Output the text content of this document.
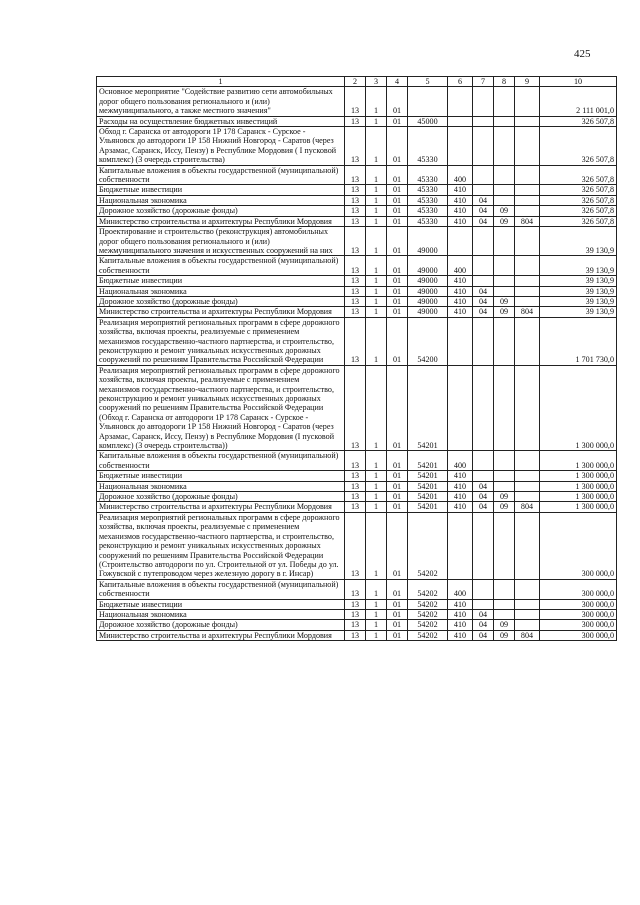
425
1	2	3	4	5	6	7	8	9	10
Основное мероприятие "Содействие развитию сети автомобильных дорог общего пользования регионального и (или) межмуниципального, а также местного значения"	13	1	01						2 111 001,0
Расходы на осуществление бюджетных инвестиций	13	1	01	45000					326 507,8
Обход г. Саранска от автодороги 1Р 178 Саранск - Сурское - Ульяновск до автодороги 1Р 158 Нижний Новгород - Саратов (через Арзамас, Саранск, Иссу, Пензу) в Республике Мордовия ( I пусковой комплекс) (3 очередь строительства)	13	1	01	45330					326 507,8
Капитальные вложения в объекты государственной (муниципальной) собственности	13	1	01	45330	400				326 507,8
Бюджетные инвестиции	13	1	01	45330	410				326 507,8
Национальная экономика	13	1	01	45330	410	04			326 507,8
Дорожное хозяйство (дорожные фонды)	13	1	01	45330	410	04	09		326 507,8
Министерство строительства и архитектуры Республики Мордовия	13	1	01	45330	410	04	09	804	326 507,8
Проектирование и строительство (реконструкция) автомобильных дорог общего пользования регионального и (или) межмуниципального значения и искусственных сооружений на них	13	1	01	49000					39 130,9
Капитальные вложения в объекты государственной (муниципальной) собственности	13	1	01	49000	400				39 130,9
Бюджетные инвестиции	13	1	01	49000	410				39 130,9
Национальная экономика	13	1	01	49000	410	04			39 130,9
Дорожное хозяйство (дорожные фонды)	13	1	01	49000	410	04	09		39 130,9
Министерство строительства и архитектуры Республики Мордовия	13	1	01	49000	410	04	09	804	39 130,9
Реализация мероприятий региональных программ в сфере дорожного хозяйства, включая проекты, реализуемые с применением механизмов государственно-частного партнерства, и строительство, реконструкцию и ремонт уникальных искусственных дорожных сооружений по решениям Правительства Российской Федерации	13	1	01	54200					1 701 730,0
Реализация мероприятий региональных программ в сфере дорожного хозяйства, включая проекты, реализуемые с применением механизмов государственно-частного партнерства, и строительство, реконструкцию и ремонт уникальных искусственных дорожных сооружений по решениям Правительства Российской Федерации (Обход г. Саранска от автодороги 1Р 178 Саранск - Сурское - Ульяновск до автодороги 1Р 158 Нижний Новгород - Саратов (через Арзамас, Саранск, Иссу, Пензу) в Республике Мордовия (I пусковой комплекс) (3 очередь строительства))	13	1	01	54201					1 300 000,0
Капитальные вложения в объекты государственной (муниципальной) собственности	13	1	01	54201	400				1 300 000,0
Бюджетные инвестиции	13	1	01	54201	410				1 300 000,0
Национальная экономика	13	1	01	54201	410	04			1 300 000,0
Дорожное хозяйство (дорожные фонды)	13	1	01	54201	410	04	09		1 300 000,0
Министерство строительства и архитектуры Республики Мордовия	13	1	01	54201	410	04	09	804	1 300 000,0
Реализация мероприятий региональных программ в сфере дорожного хозяйства, включая проекты, реализуемые с применением механизмов государственно-частного партнерства, и строительство, реконструкцию и ремонт уникальных искусственных дорожных сооружений по решениям Правительства Российской Федерации (Строительство автодороги по ул. Строительной от ул. Победы до ул. Гожувской с путепроводом через железную дорогу в г. Инсар)	13	1	01	54202					300 000,0
Капитальные вложения в объекты государственной (муниципальной) собственности	13	1	01	54202	400				300 000,0
Бюджетные инвестиции	13	1	01	54202	410				300 000,0
Национальная экономика	13	1	01	54202	410	04			300 000,0
Дорожное хозяйство (дорожные фонды)	13	1	01	54202	410	04	09		300 000,0
Министерство строительства и архитектуры Республики Мордовия	13	1	01	54202	410	04	09	804	300 000,0
